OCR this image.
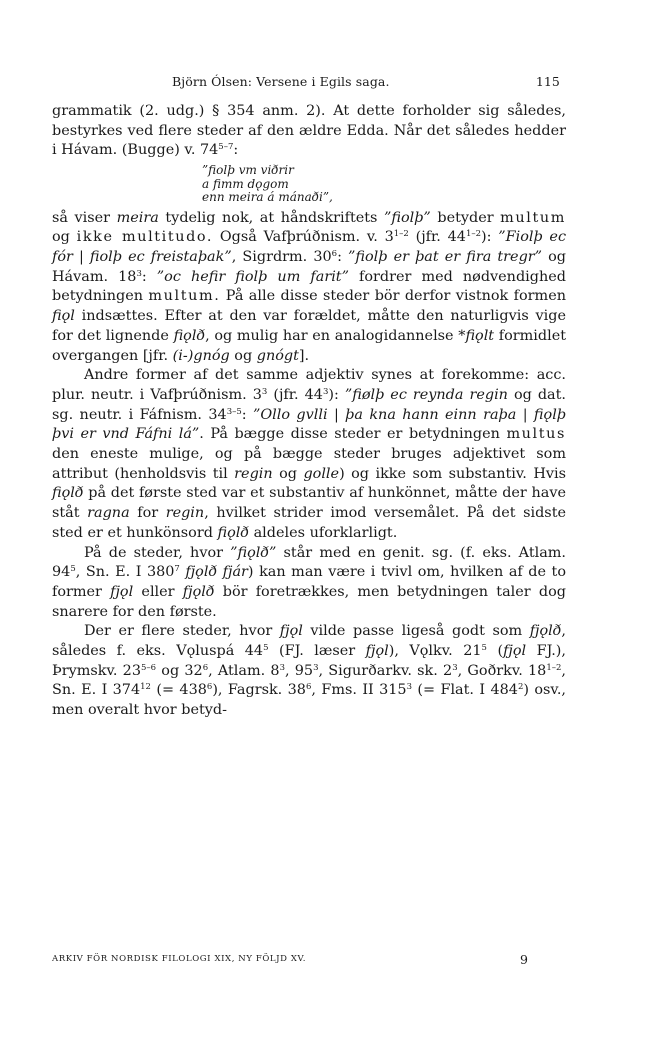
Björn Ólsen: Versene i Egils saga.	115

grammatik (2. udg.) § 354 anm. 2). At dette forholder sig således, bestyrkes ved flere steder af den ældre Edda. Når det således hedder i Hávam. (Bugge) v. 74$^{5-7}$:

”fiolþ vm viðrir
a fimm dǫgom
enn meira á mánaði”,

så viser meira tydelig nok, at håndskriftets ”fiolþ” betyder multum og ikke multitudo. Også Vafþrúðnism. v. 3$^{1-2}$ (jfr. 44$^{1-2}$): ”Fiolþ ec fór | fiolþ ec freistaþak”, Sigrdrm. $30^6$: ”fiolþ er þat er fira tregr” og Hávam. $18^3$: ”oc hefir fiolþ um farit” fordrer med nødvendighed betydningen multum. På alle disse steder bör derfor vistnok formen fiǫl indsættes. Efter at den var forældet, måtte den naturligvis vige for det lignende fiǫlð, og mulig har en analogidannelse *fiǫlt formidlet overgangen [jfr. (i-)gnóg og gnógt].

Andre former af det samme adjektiv synes at forekomme: acc. plur. neutr. i Vafþrúðnism. $3^3$ (jfr. $44^3$): ”fiølþ ec reynda regin og dat. sg. neutr. i Fáfnism. 34$^{3-5}$: ”Ollo gvlli | þa kna hann einn raþa | fiǫlþ þvi er vnd Fáfni lá”. På bægge disse steder er betydningen multus den eneste mulige, og på bægge steder bruges adjektivet som attribut (henholdsvis til regin og golle) og ikke som substantiv. Hvis fiǫlð på det første sted var et substantiv af hunkönnet, måtte der have ståt ragna for regin, hvilket strider imod versemålet. På det sidste sted er et hunkönsord fiǫlð aldeles uforklarligt.

På de steder, hvor ”fiǫlð” står med en genit. sg. (f. eks. Atlam. $94^5$, Sn. E. I $380^7$ fjǫlð fjár) kan man være i tvivl om, hvilken af de to former fjǫl eller fjǫlð bör foretrækkes, men betydningen taler dog snarere for den første.

Der er flere steder, hvor fjǫl vilde passe ligeså godt som fjǫlð, således f. eks. Vǫluspá $44^5$ (FJ. læser fjǫl), Vǫlkv. $21^5$ (fjǫl FJ.), Þrymskv. 23$^{5-6}$ og $32^6$, Atlam. $8^3$, $95^3$, Sigurðarkv. sk. $2^3$, Goðrkv. 18$^{1-2}$, Sn. E. I $374^{12}$ (= $438^6$), Fagrsk. $38^6$, Fms. II $315^3$ (= Flat. I $484^2$) osv., men overalt hvor betyd-

ARKIV FÖR NORDISK FILOLOGI XIX, NY FÖLJD XV.	9
